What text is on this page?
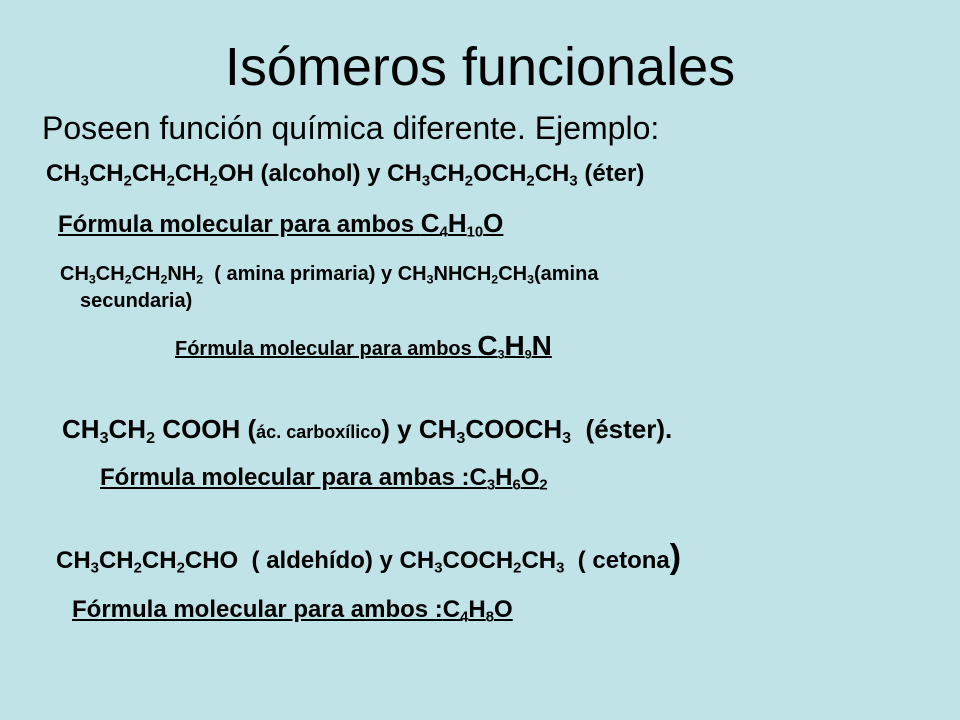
Isómeros funcionales
Poseen función química diferente. Ejemplo:
$CH_3CH_2CH_2CH_2OH$ (alcohol) y $CH_3CH_2OCH_2CH_3$ (éter)
Fórmula molecular para ambos $C_4H_{10}O$
$CH_3CH_2CH_2NH_2$  ( amina primaria) y $CH_3NHCH_2CH_3(amina$
secundaria)
Fórmula molecular para ambos $C_3H_9N$
$CH_3CH_2$ COOH (ác. carboxílico) y $CH_3COOCH_3$  (éster).
Fórmula molecular para ambas $:C_3H_6O_2$
$CH_3CH_2CH_2CHO$  ( aldehído) y $CH_3COCH_2CH_3$  ( cetona)
Fórmula molecular para ambos $:C_4H_8O$
